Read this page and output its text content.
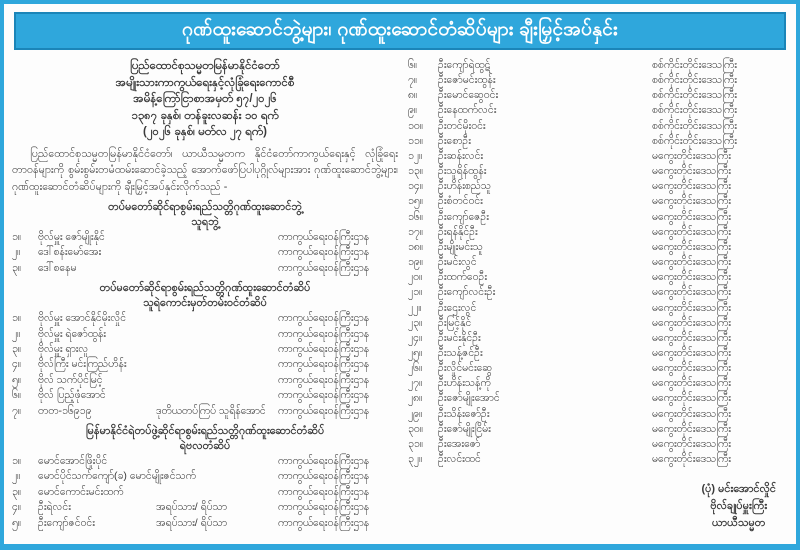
ဂုဏ်ထူးဆောင်ဘွဲ့များ၊ ဂုဏ်ထူးဆောင်တံဆိပ်များ ချီးမြှင့်အပ်နှင်း
ပြည်ထောင်စုသမ္မတမြန်မာနိုင်ငံတော်
အမျိုးသားကာကွယ်ရေးနှင့်လုံခြုံရေးကောင်စီ
အမိန့်ကြော်ငြာစာအမှတ် ၅၇/၂၀၂၆
၁၃၈၇ ခုနှစ်၊ တန်ခူးလဆန်း ၁၀ ရက်
(၂၀၂၆ ခုနှစ်၊ မတ်လ ၂၇ ရက်)

ပြည်ထောင်စုသမ္မတမြန်မာနိုင်ငံတော်၊ ယာယီသမ္မတက နိုင်ငံတော်ကာကွယ်ရေးနှင့် လုံခြုံရေးတာဝန်များကို စွမ်းစွမ်းတမံထမ်းဆောင်ခဲ့သည့် အောက်ဖော်ပြပါပုဂ္ဂိုလ်များအား ဂုဏ်ထူးဆောင်ဘွဲ့များ၊ ဂုဏ်ထူးဆောင်တံဆိပ်များကို ချီးမြှင့်အပ်နှင်းလိုက်သည် -

တပ်မတော်ဆိုင်ရာစွမ်းရည်သတ္တိဂုဏ်ထူးဆောင်ဘွဲ့
သူရဘွဲ့
၁။	ဗိုလ်မှူး ဇော်မျိုးနိုင်	ကာကွယ်ရေးဝန်ကြီးဌာန
၂။	ဒေါ်စန်းမော်အေး	ကာကွယ်ရေးဝန်ကြီးဌာန
၃။	ဒေါ်စနေမ	ကာကွယ်ရေးဝန်ကြီးဌာန
တပ်မတော်ဆိုင်ရာစွမ်းရည်သတ္တိဂုဏ်ထူးဆောင်တံဆိပ်
သူရဲကောင်းမှတ်တမ်းဝင်တံဆိပ်
၁။	ဗိုလ်မှူး အောင်နိုင်မိုးလှိုင်	ကာကွယ်ရေးဝန်ကြီးဌာန
၂။	ဗိုလ်မှူး ရဲဇော်ထွန်း	ကာကွယ်ရေးဝန်ကြီးဌာန
၃။	ဗိုလ်မှူး ရှားလူ	ကာကွယ်ရေးဝန်ကြီးဌာန
၄။	ဗိုလ်ကြီး မင်းကြည်ဟိန်း	ကာကွယ်ရေးဝန်ကြီးဌာန
၅။	ဗိုလ် သက်ပိုင်မြင့်	ကာကွယ်ရေးဝန်ကြီးဌာန
၆။	ဗိုလ် ပြည့်ဖုံအောင်	ကာကွယ်ရေးဝန်ကြီးဌာန
၇။	တတ-၁၆၉၁၉	ဒုတိယတပ်ကြပ် သူရိန်အောင်	ကာကွယ်ရေးဝန်ကြီးဌာန
မြန်မာနိုင်ငံရဲတပ်ဖွဲ့ဆိုင်ရာစွမ်းရည်သတ္တိဂုဏ်ထူးဆောင်တံဆိပ်
ရဲဗလတံဆိပ်
၁။	မောင်အောင်ဖြိုးပိုင်	ကာကွယ်ရေးဝန်ကြီးဌာန
၂။	မောင်ပိုင်သက်ကျော်(ခ) မောင်မျိုးဇင်သက်	ကာကွယ်ရေးဝန်ကြီးဌာန
၃။	မောင်ကောင်းမင်းထက်	ကာကွယ်ရေးဝန်ကြီးဌာန
၄။	ဦးရဲလင်း	အရပ်သား/ ရိပ်သာ	ကာကွယ်ရေးဝန်ကြီးဌာန
၅။	ဦးကျော်ဇင်ဝင်း	အရပ်သား/ ရိပ်သာ	ကာကွယ်ရေးဝန်ကြီးဌာန
၆။	ဦးကျော်ရဲထွဋ်	စစ်ကိုင်းတိုင်းဒေသကြီး
၇။	ဦးဇော်မင်းထွန်း	စစ်ကိုင်းတိုင်းဒေသကြီး
၈။	ဦးမောင်ဆွေဝင်း	စစ်ကိုင်းတိုင်းဒေသကြီး
၉။	ဦးနေထက်လင်း	စစ်ကိုင်းတိုင်းဒေသကြီး
၁၀။	ဦးတင်မိုးဝင်း	စစ်ကိုင်းတိုင်းဒေသကြီး
၁၁။	ဦးစောဦး	စစ်ကိုင်းတိုင်းဒေသကြီး
၁၂။	ဦးဆန်းလင်း	မကွေးတိုင်းဒေသကြီး
၁၃။	ဦးသူရိန်ထွန်း	မကွေးတိုင်းဒေသကြီး
၁၄။	ဦးဟိန်းစည်သူ	မကွေးတိုင်းဒေသကြီး
၁၅။	ဦးစံတင်ဝင်း	မကွေးတိုင်းဒေသကြီး
၁၆။	ဦးကျော်ဇေဦး	မကွေးတိုင်းဒေသကြီး
၁၇။	ဦးရန်နိုင်ဦး	မကွေးတိုင်းဒေသကြီး
၁၈။	ဦးမျိုးမင်းသူ	မကွေးတိုင်းဒေသကြီး
၁၉။	ဦးမင်းလွင်	မကွေးတိုင်းဒေသကြီး
၂၀။	ဦးထက်ဝေဦး	မကွေးတိုင်းဒေသကြီး
၂၁။	ဦးကျော်လင်းဦး	မကွေးတိုင်းဒေသကြီး
၂၂။	ဦးဌေးလွင်	မကွေးတိုင်းဒေသကြီး
၂၃။	ဦးမြင့်နိုင်	မကွေးတိုင်းဒေသကြီး
၂၄။	ဦးမင်းနိုင်ဦး	မကွေးတိုင်းဒေသကြီး
၂၅။	ဦးသန့်ဇင်ဦး	မကွေးတိုင်းဒေသကြီး
၂၆။	ဦးလှိုင်မင်းဆွေ	မကွေးတိုင်းဒေသကြီး
၂၇။	ဦးဟိန်းသန့်ကို	မကွေးတိုင်းဒေသကြီး
၂၈။	ဦးဇော်မျိုးအောင်	မကွေးတိုင်းဒေသကြီး
၂၉။	ဦးသိန်းဇော်ဦး	မကွေးတိုင်းဒေသကြီး
၃၀။	ဦးဇော်မျိုးငြိမ်း	မကွေးတိုင်းဒေသကြီး
၃၁။	ဦးအေးဇော်	မကွေးတိုင်းဒေသကြီး
၃၂။	ဦးလင်းထင်	မကွေးတိုင်းဒေသကြီး
(ပုံ) မင်းအောင်လှိုင်
ဗိုလ်ချုပ်မှူးကြီး
ယာယီသမ္မတ
